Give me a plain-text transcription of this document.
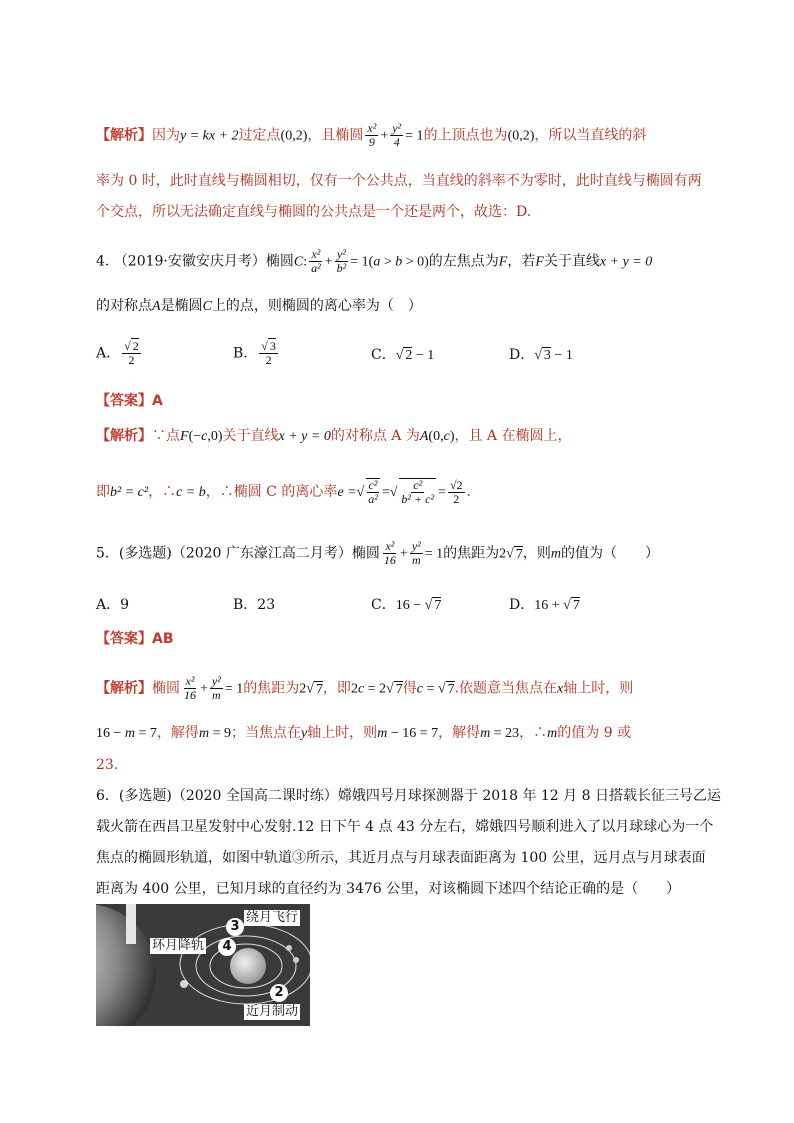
【解析】因为y = kx + 2过定点(0,2)，且椭圆 $\frac{\text{x²}}{9} + \frac{\text{y²}}{4} = 1$的上顶点也为(0,2)，所以当直线的斜
率为 0 时，此时直线与椭圆相切，仅有一个公共点，当直线的斜率不为零时，此时直线与椭圆有两
个交点，所以无法确定直线与椭圆的公共点是一个还是两个，故选：D.
4. （2019·安徽安庆月考）椭圆C: $\frac{\text{x²}}{\text{a²}} + \frac{\text{y²}}{\text{b²}} = 1(a > b > 0)$的左焦点为F，若F关于直线x + y = 0
的对称点A是椭圆C上的点，则椭圆的离心率为（　）
A． $\frac{√ 2}{2}$	B． $\frac{√ 3}{2}$	C．√ 2 − 1	D．√ 3 − 1
【答案】A
【解析】∵点F(−c,0)关于直线x + y = 0的对称点 A 为A(0,c)，且 A 在椭圆上，
即b² = c²，∴c = b，∴椭圆 C 的离心率e =√ $\frac{\text{c²}}{\text{a²}}$ =√ $\frac{\text{c²}}{\text{b² + c²}} = \frac{√2}{2}$ .
5．(多选题)（2020 广东濠江高二月考）椭圆 $\frac{\text{x²}}{16} + \frac{\text{y²}}{m} = 1$的焦距为2√ 7，则m的值为（　　）
A．9	B．23	C．16 − √ 7	D．16 + √ 7
【答案】AB
【解析】椭圆 $\frac{\text{x²}}{16} + \frac{\text{y²}}{m} = 1$的焦距为2√ 7，即2c = 2√ 7得c = √ 7.依题意当焦点在x轴上时，则
16 − m = 7，解得m = 9；当焦点在y轴上时，则m − 16 = 7，解得m = 23，∴m的值为 9 或
23.
6．(多选题)（2020 全国高二课时练）嫦娥四号月球探测器于 2018 年 12 月 8 日搭载长征三号乙运
载火箭在西昌卫星发射中心发射.12 日下午 4 点 43 分左右，嫦娥四号顺利进入了以月球球心为一个
焦点的椭圆形轨道，如图中轨道③所示，其近月点与月球表面距离为 100 公里，远月点与月球表面
距离为 400 公里，已知月球的直径约为 3476 公里，对该椭圆下述四个结论正确的是（　　）
3
绕月飞行
环月降轨	4
2
近月制动
